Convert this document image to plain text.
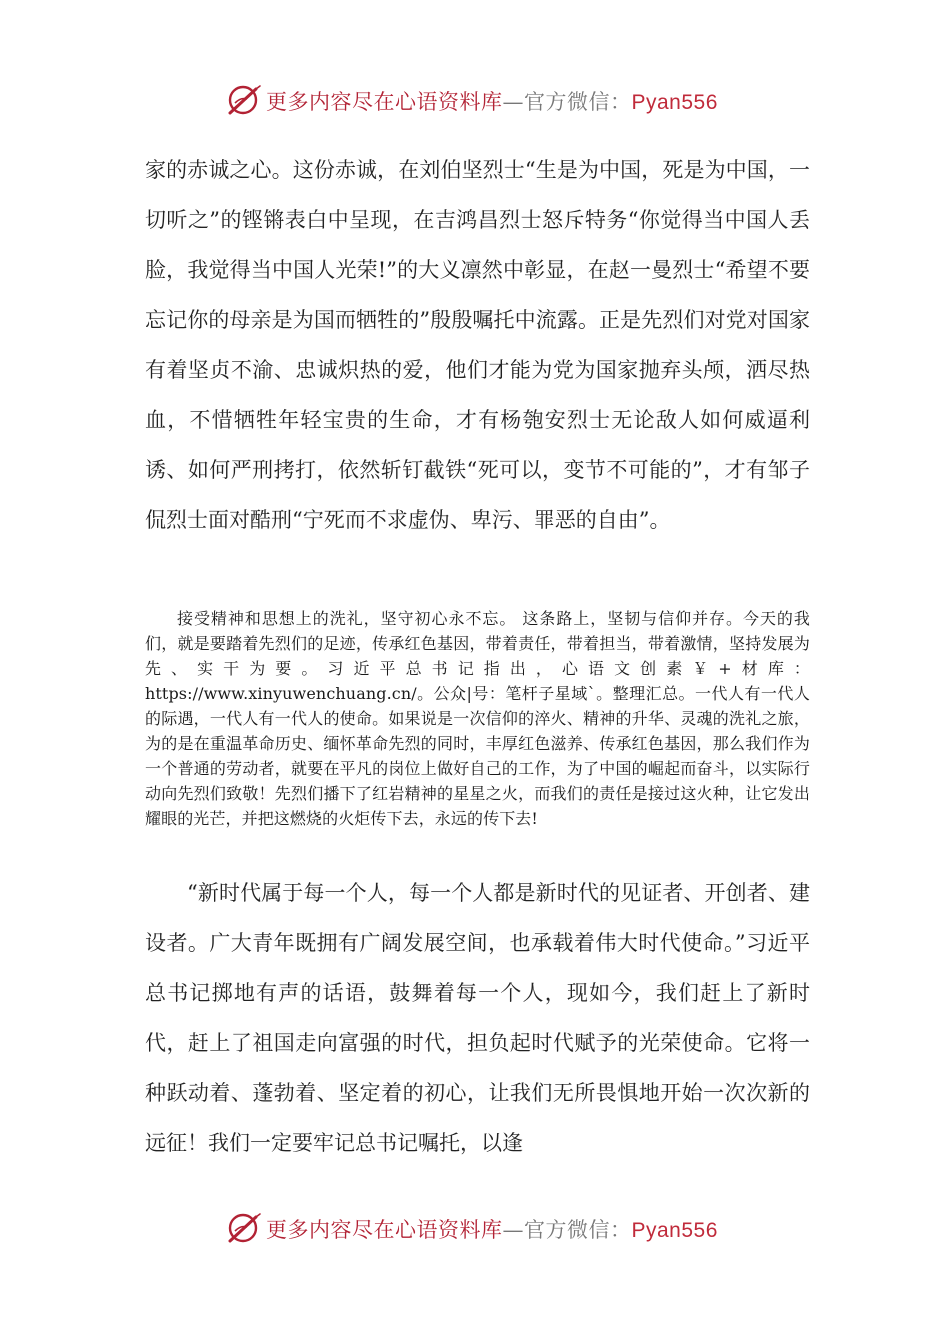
更多内容尽在心语资料库—官方微信：Pyan556

家的赤诚之心。这份赤诚，在刘伯坚烈士“生是为中国，死是为中国，一切听之”的铿锵表白中呈现，在吉鸿昌烈士怒斥特务“你觉得当中国人丢脸，我觉得当中国人光荣!”的大义凛然中彰显，在赵一曼烈士“希望不要忘记你的母亲是为国而牺牲的”殷殷嘱托中流露。正是先烈们对党对国家有着坚贞不渝、忠诚炽热的爱，他们才能为党为国家抛弃头颅，洒尽热血，不惜牺牲年轻宝贵的生命，才有杨匏安烈士无论敌人如何威逼利诱、如何严刑拷打，依然斩钉截铁“死可以，变节不可能的”，才有邹子侃烈士面对酷刑“宁死而不求虚伪、卑污、罪恶的自由”。

接受精神和思想上的洗礼，坚守初心永不忘。 这条路上，坚韧与信仰并存。今天的我们，就是要踏着先烈们的足迹，传承红色基因，带着责任，带着担当，带着激情，坚持发展为先、实干为要。习近平总书记指出，心语文创素￥+材库：https://www.xinyuwenchuang.cn/。公众|号：笔杆子星域`。整理汇总。一代人有一代人的际遇，一代人有一代人的使命。如果说是一次信仰的淬火、精神的升华、灵魂的洗礼之旅，为的是在重温革命历史、缅怀革命先烈的同时，丰厚红色滋养、传承红色基因，那么我们作为一个普通的劳动者，就要在平凡的岗位上做好自己的工作，为了中国的崛起而奋斗，以实际行动向先烈们致敬！先烈们播下了红岩精神的星星之火，而我们的责任是接过这火种，让它发出耀眼的光芒，并把这燃烧的火炬传下去，永远的传下去!

“新时代属于每一个人，每一个人都是新时代的见证者、开创者、建设者。广大青年既拥有广阔发展空间，也承载着伟大时代使命。”习近平总书记掷地有声的话语，鼓舞着每一个人，现如今，我们赶上了新时代，赶上了祖国走向富强的时代，担负起时代赋予的光荣使命。它将一种跃动着、蓬勃着、坚定着的初心，让我们无所畏惧地开始一次次新的远征！我们一定要牢记总书记嘱托，以逢

更多内容尽在心语资料库—官方微信：Pyan556
